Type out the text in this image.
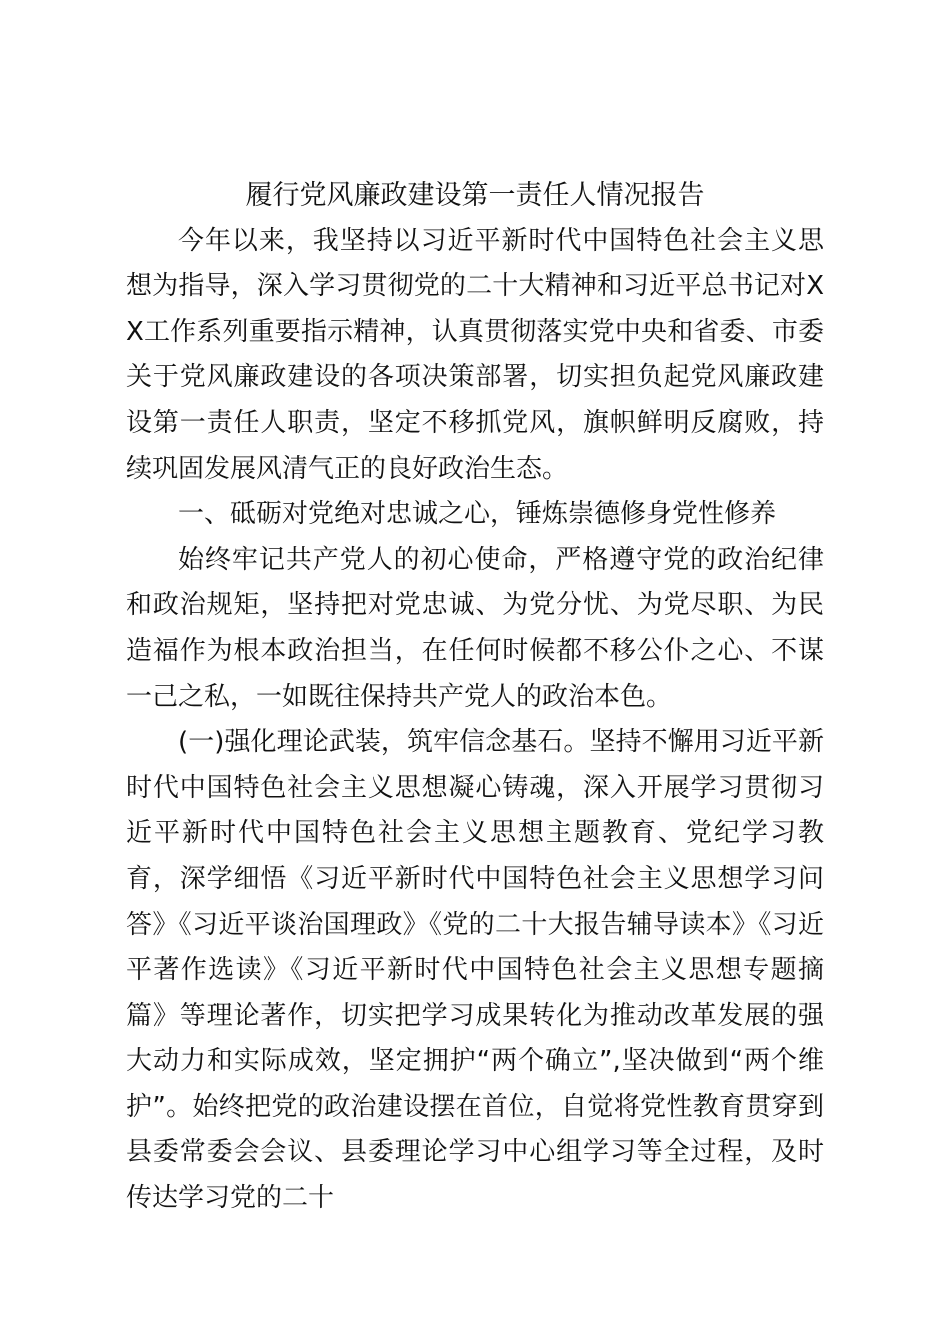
履行党风廉政建设第一责任人情况报告

今年以来，我坚持以习近平新时代中国特色社会主义思想为指导，深入学习贯彻党的二十大精神和习近平总书记对XX工作系列重要指示精神，认真贯彻落实党中央和省委、市委关于党风廉政建设的各项决策部署，切实担负起党风廉政建设第一责任人职责，坚定不移抓党风，旗帜鲜明反腐败，持续巩固发展风清气正的良好政治生态。

一、砥砺对党绝对忠诚之心，锤炼崇德修身党性修养

始终牢记共产党人的初心使命，严格遵守党的政治纪律和政治规矩，坚持把对党忠诚、为党分忧、为党尽职、为民造福作为根本政治担当，在任何时候都不移公仆之心、不谋一己之私，一如既往保持共产党人的政治本色。

(一)强化理论武装，筑牢信念基石。坚持不懈用习近平新时代中国特色社会主义思想凝心铸魂，深入开展学习贯彻习近平新时代中国特色社会主义思想主题教育、党纪学习教育，深学细悟《习近平新时代中国特色社会主义思想学习问答》《习近平谈治国理政》《党的二十大报告辅导读本》《习近平著作选读》《习近平新时代中国特色社会主义思想专题摘篇》等理论著作，切实把学习成果转化为推动改革发展的强大动力和实际成效，坚定拥护“两个确立”,坚决做到“两个维护”。始终把党的政治建设摆在首位，自觉将党性教育贯穿到县委常委会会议、县委理论学习中心组学习等全过程，及时传达学习党的二十
